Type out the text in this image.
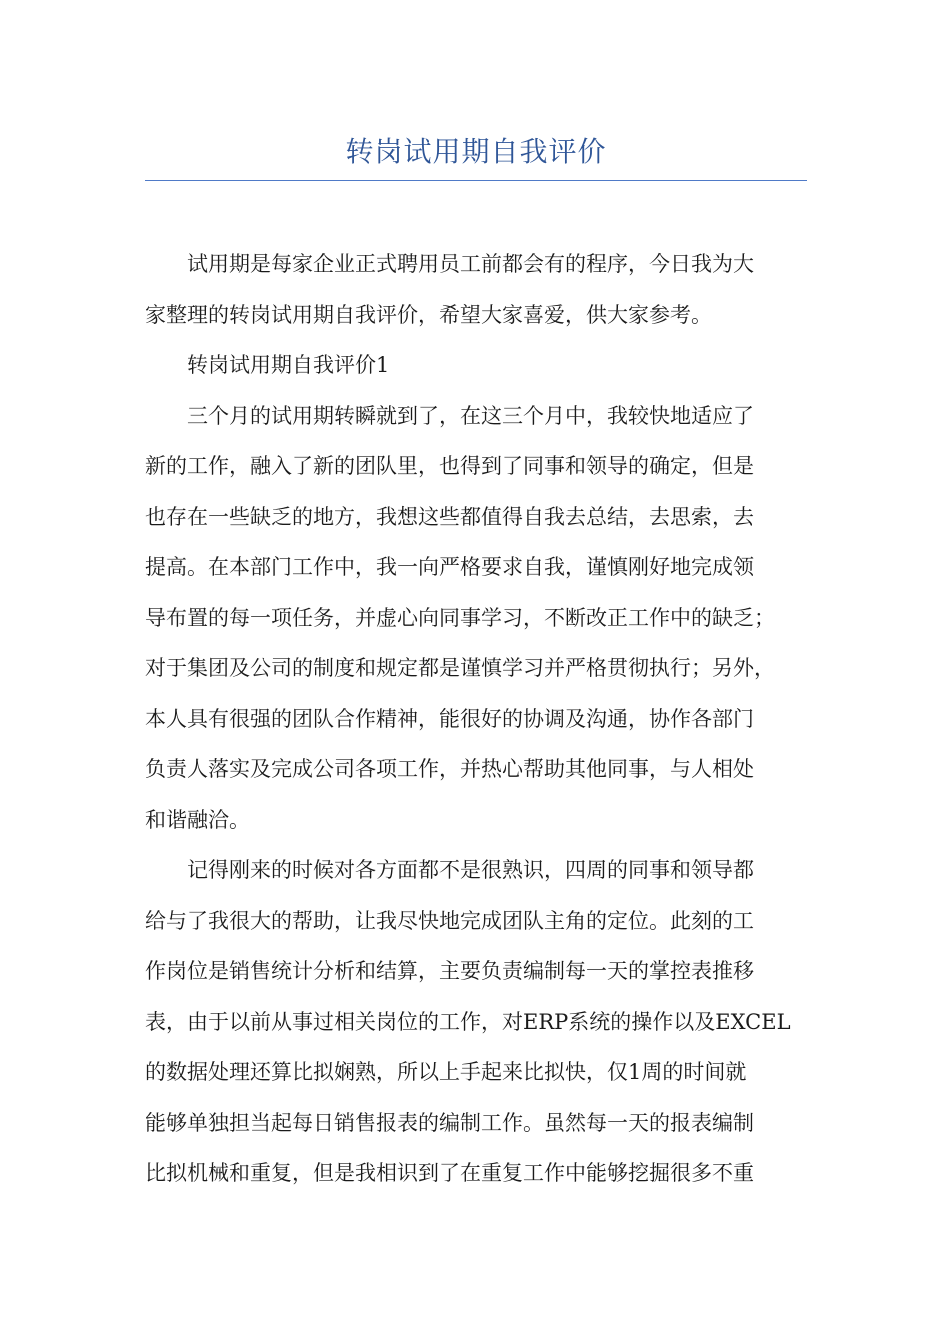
转岗试用期自我评价

试用期是每家企业正式聘用员工前都会有的程序，今日我为大
家整理的转岗试用期自我评价，希望大家喜爱，供大家参考。

转岗试用期自我评价1

三个月的试用期转瞬就到了，在这三个月中，我较快地适应了
新的工作，融入了新的团队里，也得到了同事和领导的确定，但是
也存在一些缺乏的地方，我想这些都值得自我去总结，去思索，去
提高。在本部门工作中，我一向严格要求自我，谨慎刚好地完成领
导布置的每一项任务，并虚心向同事学习，不断改正工作中的缺乏；
对于集团及公司的制度和规定都是谨慎学习并严格贯彻执行；另外，
本人具有很强的团队合作精神，能很好的协调及沟通，协作各部门
负责人落实及完成公司各项工作，并热心帮助其他同事，与人相处
和谐融洽。

记得刚来的时候对各方面都不是很熟识，四周的同事和领导都
给与了我很大的帮助，让我尽快地完成团队主角的定位。此刻的工
作岗位是销售统计分析和结算，主要负责编制每一天的掌控表推移
表，由于以前从事过相关岗位的工作，对ERP系统的操作以及EXCEL
的数据处理还算比拟娴熟，所以上手起来比拟快，仅1周的时间就
能够单独担当起每日销售报表的编制工作。虽然每一天的报表编制
比拟机械和重复，但是我相识到了在重复工作中能够挖掘很多不重
